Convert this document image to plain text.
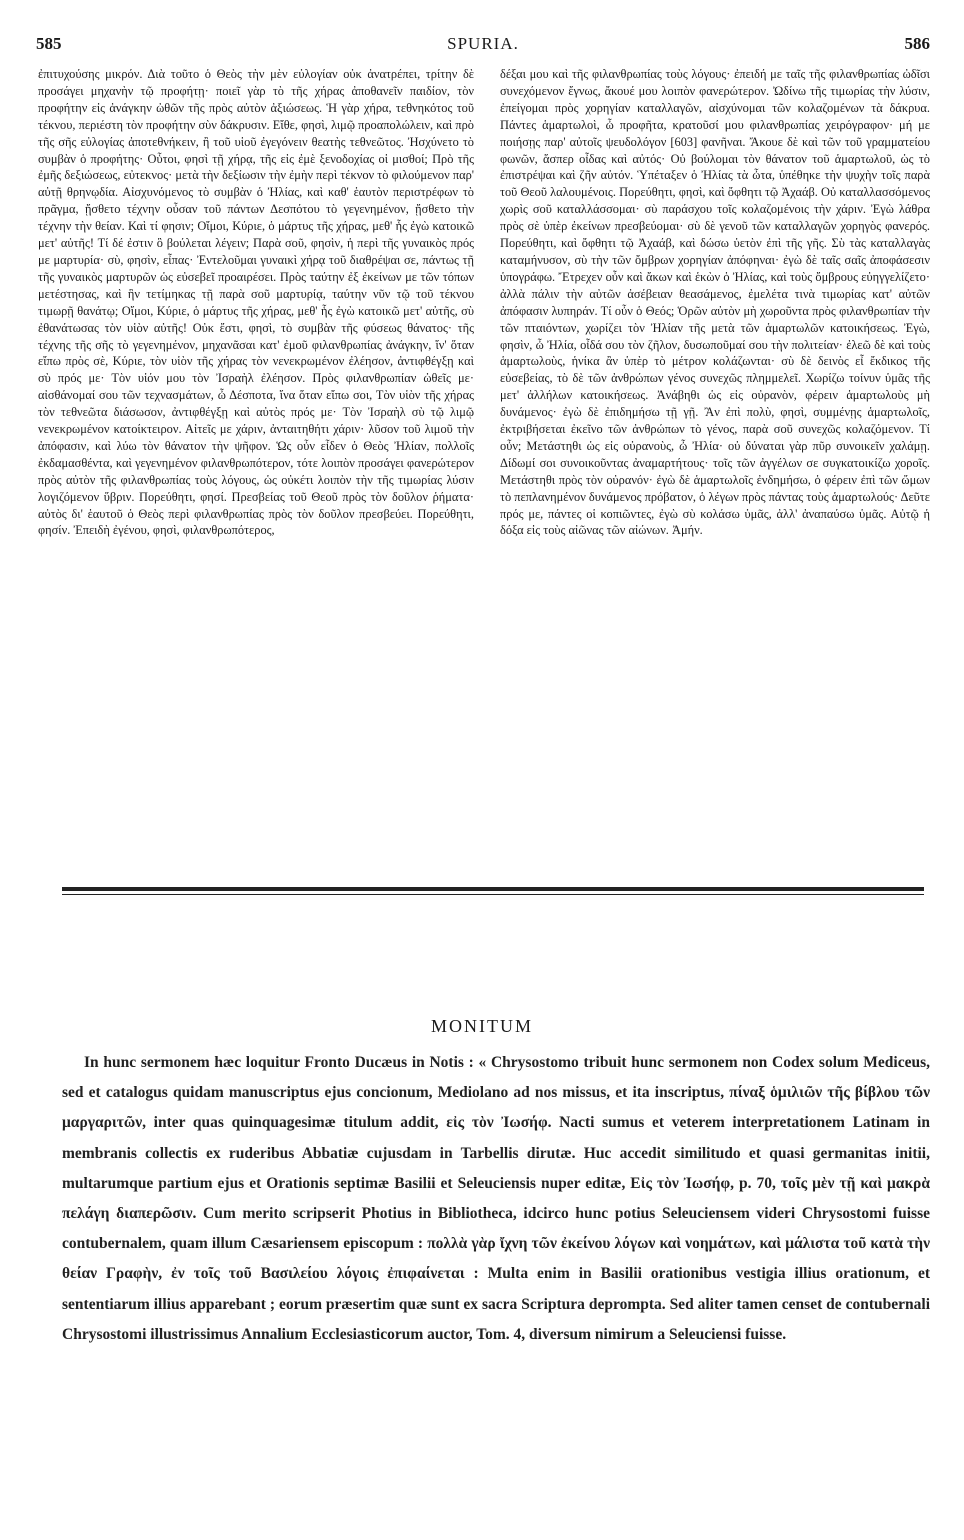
585	SPURIA.	586

ἐπιτυχούσης μικρόν. Διὰ τοῦτο ὁ Θεὸς τὴν μὲν εὐλογίαν οὐκ ἀνατρέπει, τρίτην δὲ προσάγει μηχανὴν τῷ προφήτῃ· ποιεῖ γὰρ τὸ τῆς χήρας ἀποθανεῖν παιδίον, τὸν προφήτην εἰς ἀνάγκην ὠθῶν τῆς πρὸς αὐτὸν ἀξιώσεως. Ἡ γὰρ χήρα, τεθνηκότος τοῦ τέκνου, περιέστη τὸν προφήτην σὺν δάκρυσιν. Εἴθε, φησὶ, λιμῷ προαπολώλειν, καὶ πρὸ τῆς σῆς εὐλογίας ἀποτεθνήκειν, ἢ τοῦ υἱοῦ ἐγεγόνειν θεατὴς τεθνεῶτος. Ἠσχύνετο τὸ συμβὰν ὁ προφήτης· Οὗτοι, φησὶ τῇ χήρᾳ, τῆς εἰς ἐμὲ ξενοδοχίας οἱ μισθοί; Πρὸ τῆς ἐμῆς δεξιώσεως, εὐτεκνος· μετὰ τὴν δεξίωσιν τὴν ἐμὴν περὶ τέκνον τὸ φιλούμενον παρ' αὐτῇ θρηνῳδία. Αἰσχυνόμενος τὸ συμβὰν ὁ Ἠλίας, καὶ καθ' ἑαυτὸν περιστρέφων τὸ πρᾶγμα, ᾔσθετο τέχνην οὖσαν τοῦ πάντων Δεσπότου τὸ γεγενημένον, ᾔσθετο τὴν τέχνην τὴν θείαν. Καὶ τί φησιν; Οἴμοι, Κύριε, ὁ μάρτυς τῆς χήρας, μεθ' ἧς ἐγὼ κατοικῶ μετ' αὐτῆς! Τί δέ ἐστιν ὃ βούλεται λέγειν; Παρὰ σοῦ, φησὶν, ἡ περὶ τῆς γυναικὸς πρός με μαρτυρία· σὺ, φησὶν, εἶπας· Ἐντελοῦμαι γυναικὶ χήρᾳ τοῦ διαθρέψαι σε, πάντως τῇ τῆς γυναικὸς μαρτυρῶν ὡς εὐσεβεῖ προαιρέσει. Πρὸς ταύτην ἐξ ἐκείνων με τῶν τόπων μετέστησας, καὶ ἣν τετίμηκας τῇ παρὰ σοῦ μαρτυρίᾳ, ταύτην νῦν τῷ τοῦ τέκνου τιμωρῇ θανάτῳ; Οἴμοι, Κύριε, ὁ μάρτυς τῆς χήρας, μεθ' ἧς ἐγὼ κατοικῶ μετ' αὐτῆς, σὺ ἐθανάτωσας τὸν υἱὸν αὐτῆς! Οὐκ ἔστι, φησὶ, τὸ συμβὰν τῆς φύσεως θάνατος· τῆς τέχνης τῆς σῆς τὸ γεγενημένον, μηχανᾶσαι κατ' ἐμοῦ φιλανθρωπίας ἀνάγκην, ἵν' ὅταν εἴπω πρὸς σὲ, Κύριε, τὸν υἱὸν τῆς χήρας τὸν νενεκρωμένον ἐλέησον, ἀντιφθέγξῃ καὶ σὺ πρός με· Τὸν υἱόν μου τὸν Ἰσραὴλ ἐλέησον. Πρὸς φιλανθρωπίαν ὠθεῖς με· αἰσθάνομαί σου τῶν τεχνασμάτων, ὦ Δέσποτα, ἵνα ὅταν εἴπω σοι, Τὸν υἱὸν τῆς χήρας τὸν τεθνεῶτα διάσωσον, ἀντιφθέγξῃ καὶ αὐτὸς πρός με· Τὸν Ἰσραὴλ σὺ τῷ λιμῷ νενεκρωμένον κατοίκτειρον. Αἰτεῖς με χάριν, ἀνταιτηθήτι χάριν· λῦσον τοῦ λιμοῦ τὴν ἀπόφασιν, καὶ λύω τὸν θάνατον τὴν ψῆφον. Ὡς οὖν εἶδεν ὁ Θεὸς Ἠλίαν, πολλοῖς ἐκδαμασθέντα, καὶ γεγενημένον φιλανθρωπότερον, τότε λοιπὸν προσάγει φανερώτερον πρὸς αὐτὸν τῆς φιλανθρωπίας τοὺς λόγους, ὡς οὐκέτι λοιπὸν τὴν τῆς τιμωρίας λύσιν λογιζόμενον ὕβριν. Πορεύθητι, φησί. Πρεσβείας τοῦ Θεοῦ πρὸς τὸν δοῦλον ῥήματα· αὐτὸς δι' ἑαυτοῦ ὁ Θεὸς περὶ φιλανθρωπίας πρὸς τὸν δοῦλον πρεσβεύει. Πορεύθητι, φησίν. Ἐπειδὴ ἐγένου, φησὶ, φιλανθρωπότερος,

δέξαι μου καὶ τῆς φιλανθρωπίας τοὺς λόγους· ἐπειδή με ταῖς τῆς φιλανθρωπίας ὠδῖσι συνεχόμενον ἔγνως, ἄκουέ μου λοιπὸν φανερώτερον. Ὠδίνω τῆς τιμωρίας τὴν λύσιν, ἐπείγομαι πρὸς χορηγίαν καταλλαγῶν, αἰσχύνομαι τῶν κολαζομένων τὰ δάκρυα. Πάντες ἁμαρτωλοὶ, ὦ προφῆτα, κρατοῦσί μου φιλανθρωπίας χειρόγραφον· μή με ποιήσῃς παρ' αὐτοῖς ψευδολόγον [603] φανῆναι. Ἄκουε δὲ καὶ τῶν τοῦ γραμματείου φωνῶν, ἅσπερ οἶδας καὶ αὐτός· Οὐ βούλομαι τὸν θάνατον τοῦ ἁμαρτωλοῦ, ὡς τὸ ἐπιστρέψαι καὶ ζῆν αὐτόν. Ὑπέταξεν ὁ Ἠλίας τὰ ὦτα, ὑπέθηκε τὴν ψυχὴν τοῖς παρὰ τοῦ Θεοῦ λαλουμένοις. Πορεύθητι, φησὶ, καὶ ὄφθητι τῷ Ἀχαάβ. Οὐ καταλλασσόμενος χωρὶς σοῦ καταλλάσσομαι· σὺ παράσχου τοῖς κολαζομένοις τὴν χάριν. Ἐγὼ λάθρα πρὸς σὲ ὑπὲρ ἐκείνων πρεσβεύομαι· σὺ δὲ γενοῦ τῶν καταλλαγῶν χορηγὸς φανερός. Πορεύθητι, καὶ ὄφθητι τῷ Ἀχαάβ, καὶ δώσω ὑετὸν ἐπὶ τῆς γῆς. Σὺ τὰς καταλλαγὰς καταμήνυσον, σὺ τὴν τῶν ὄμβρων χορηγίαν ἀπόφηναι· ἐγὼ δὲ ταῖς σαῖς ἀποφάσεσιν ὑπογράφω. Ἔτρεχεν οὖν καὶ ἄκων καὶ ἑκὼν ὁ Ἠλίας, καὶ τοὺς ὄμβρους εὐηγγελίζετο· ἀλλὰ πάλιν τὴν αὐτῶν ἀσέβειαν θεασάμενος, ἐμελέτα τινὰ τιμωρίας κατ' αὐτῶν ἀπόφασιν λυπηράν. Τί οὖν ὁ Θεός; Ὁρῶν αὐτὸν μὴ χωροῦντα πρὸς φιλανθρωπίαν τὴν τῶν πταιόντων, χωρίζει τὸν Ἠλίαν τῆς μετὰ τῶν ἁμαρτωλῶν κατοικήσεως. Ἐγὼ, φησὶν, ὦ Ἠλία, οἶδά σου τὸν ζῆλον, δυσωποῦμαί σου τὴν πολιτείαν· ἐλεῶ δὲ καὶ τοὺς ἁμαρτωλοὺς, ἡνίκα ἂν ὑπὲρ τὸ μέτρον κολάζωνται· σὺ δὲ δεινὸς εἶ ἔκδικος τῆς εὐσεβείας, τὸ δὲ τῶν ἀνθρώπων γένος συνεχῶς πλημμελεῖ. Χωρίζω τοίνυν ὑμᾶς τῆς μετ' ἀλλήλων κατοικήσεως. Ἀνάβηθι ὡς εἰς οὐρανὸν, φέρειν ἁμαρτωλοὺς μὴ δυνάμενος· ἐγὼ δὲ ἐπιδημήσω τῇ γῇ. Ἂν ἐπὶ πολὺ, φησὶ, συμμένῃς ἁμαρτωλοῖς, ἐκτριβήσεται ἐκεῖνο τῶν ἀνθρώπων τὸ γένος, παρὰ σοῦ συνεχῶς κολαζόμενον. Τί οὖν; Μετάστηθι ὡς εἰς οὐρανοὺς, ὦ Ἠλία· οὐ δύναται γὰρ πῦρ συνοικεῖν χαλάμῃ. Δίδωμί σοι συνοικοῦντας ἀναμαρτήτους· τοῖς τῶν ἀγγέλων σε συγκατοικίζω χοροῖς. Μετάστηθι πρὸς τὸν οὐρανόν· ἐγὼ δὲ ἁμαρτωλοῖς ἐνδημήσω, ὁ φέρειν ἐπὶ τῶν ὤμων τὸ πεπλανημένον δυνάμενος πρόβατον, ὁ λέγων πρὸς πάντας τοὺς ἁμαρτωλούς· Δεῦτε πρός με, πάντες οἱ κοπιῶντες, ἐγὼ σὺ κολάσω ὑμᾶς, ἀλλ' ἀναπαύσω ὑμᾶς. Αὐτῷ ἡ δόξα εἰς τοὺς αἰῶνας τῶν αἰώνων. Ἀμήν.

MONITUM

In hunc sermonem hæc loquitur Fronto Ducæus in Notis : « Chrysostomo tribuit hunc sermonem non Codex solum Mediceus, sed et catalogus quidam manuscriptus ejus concionum, Mediolano ad nos missus, et ita inscriptus, πίναξ ὁμιλιῶν τῆς βίβλου τῶν μαργαριτῶν, inter quas quinquagesimæ titulum addit, εἰς τὸν Ἰωσήφ. Nacti sumus et veterem interpretationem Latinam in membranis collectis ex ruderibus Abbatiæ cujusdam in Tarbellis dirutæ. Huc accedit similitudo et quasi germanitas initii, multarumque partium ejus et Orationis septimæ Basilii et Seleuciensis nuper editæ, Εἰς τὸν Ἰωσήφ, p. 70, τοῖς μὲν τῇ καὶ μακρὰ πελάγη διαπερῶσιν. Cum merito scripserit Photius in Bibliotheca, idcirco hunc potius Seleuciensem videri Chrysostomi fuisse contubernalem, quam illum Cæsariensem episcopum : πολλὰ γὰρ ἴχνη τῶν ἐκείνου λόγων καὶ νοημάτων, καὶ μάλιστα τοῦ κατὰ τὴν θείαν Γραφὴν, ἐν τοῖς τοῦ Βασιλείου λόγοις ἐπιφαίνεται : Multa enim in Basilii orationibus vestigia illius orationum, et sententiarum illius apparebant ; eorum præsertim quæ sunt ex sacra Scriptura deprompta. Sed aliter tamen censet de contubernali Chrysostomi illustrissimus Annalium Ecclesiasticorum auctor, Tom. 4, diversum nimirum a Seleuciensi fuisse.
